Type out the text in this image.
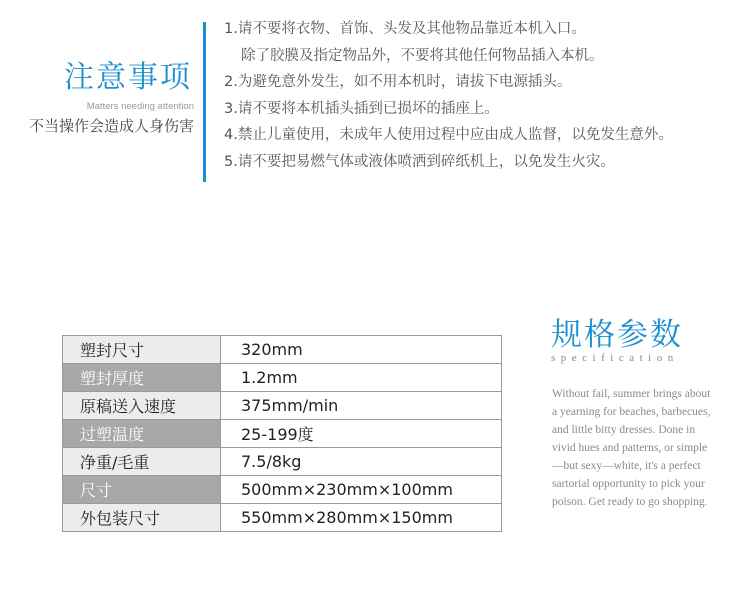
注意事项
Matters needing attention
不当操作会造成人身伤害
1.请不要将衣物、首饰、头发及其他物品靠近本机入口。
除了胶膜及指定物品外，不要将其他任何物品插入本机。
2.为避免意外发生，如不用本机时，请拔下电源插头。
3.请不要将本机插头插到已损坏的插座上。
4.禁止儿童使用，未成年人使用过程中应由成人监督，以免发生意外。
5.请不要把易燃气体或液体喷洒到碎纸机上，以免发生火灾。
塑封尺寸	320mm
塑封厚度	1.2mm
原稿送入速度	375mm/min
过塑温度	25-199度
净重/毛重	7.5/8kg
尺寸	500mm×230mm×100mm
外包装尺寸	550mm×280mm×150mm
规格参数
specification
Without fail, summer brings about a yearning for beaches, barbecues, and little bitty dresses. Done in vivid hues and patterns, or simple—but sexy—white, it's a perfect sartorial opportunity to pick your poison. Get ready to go shopping.
